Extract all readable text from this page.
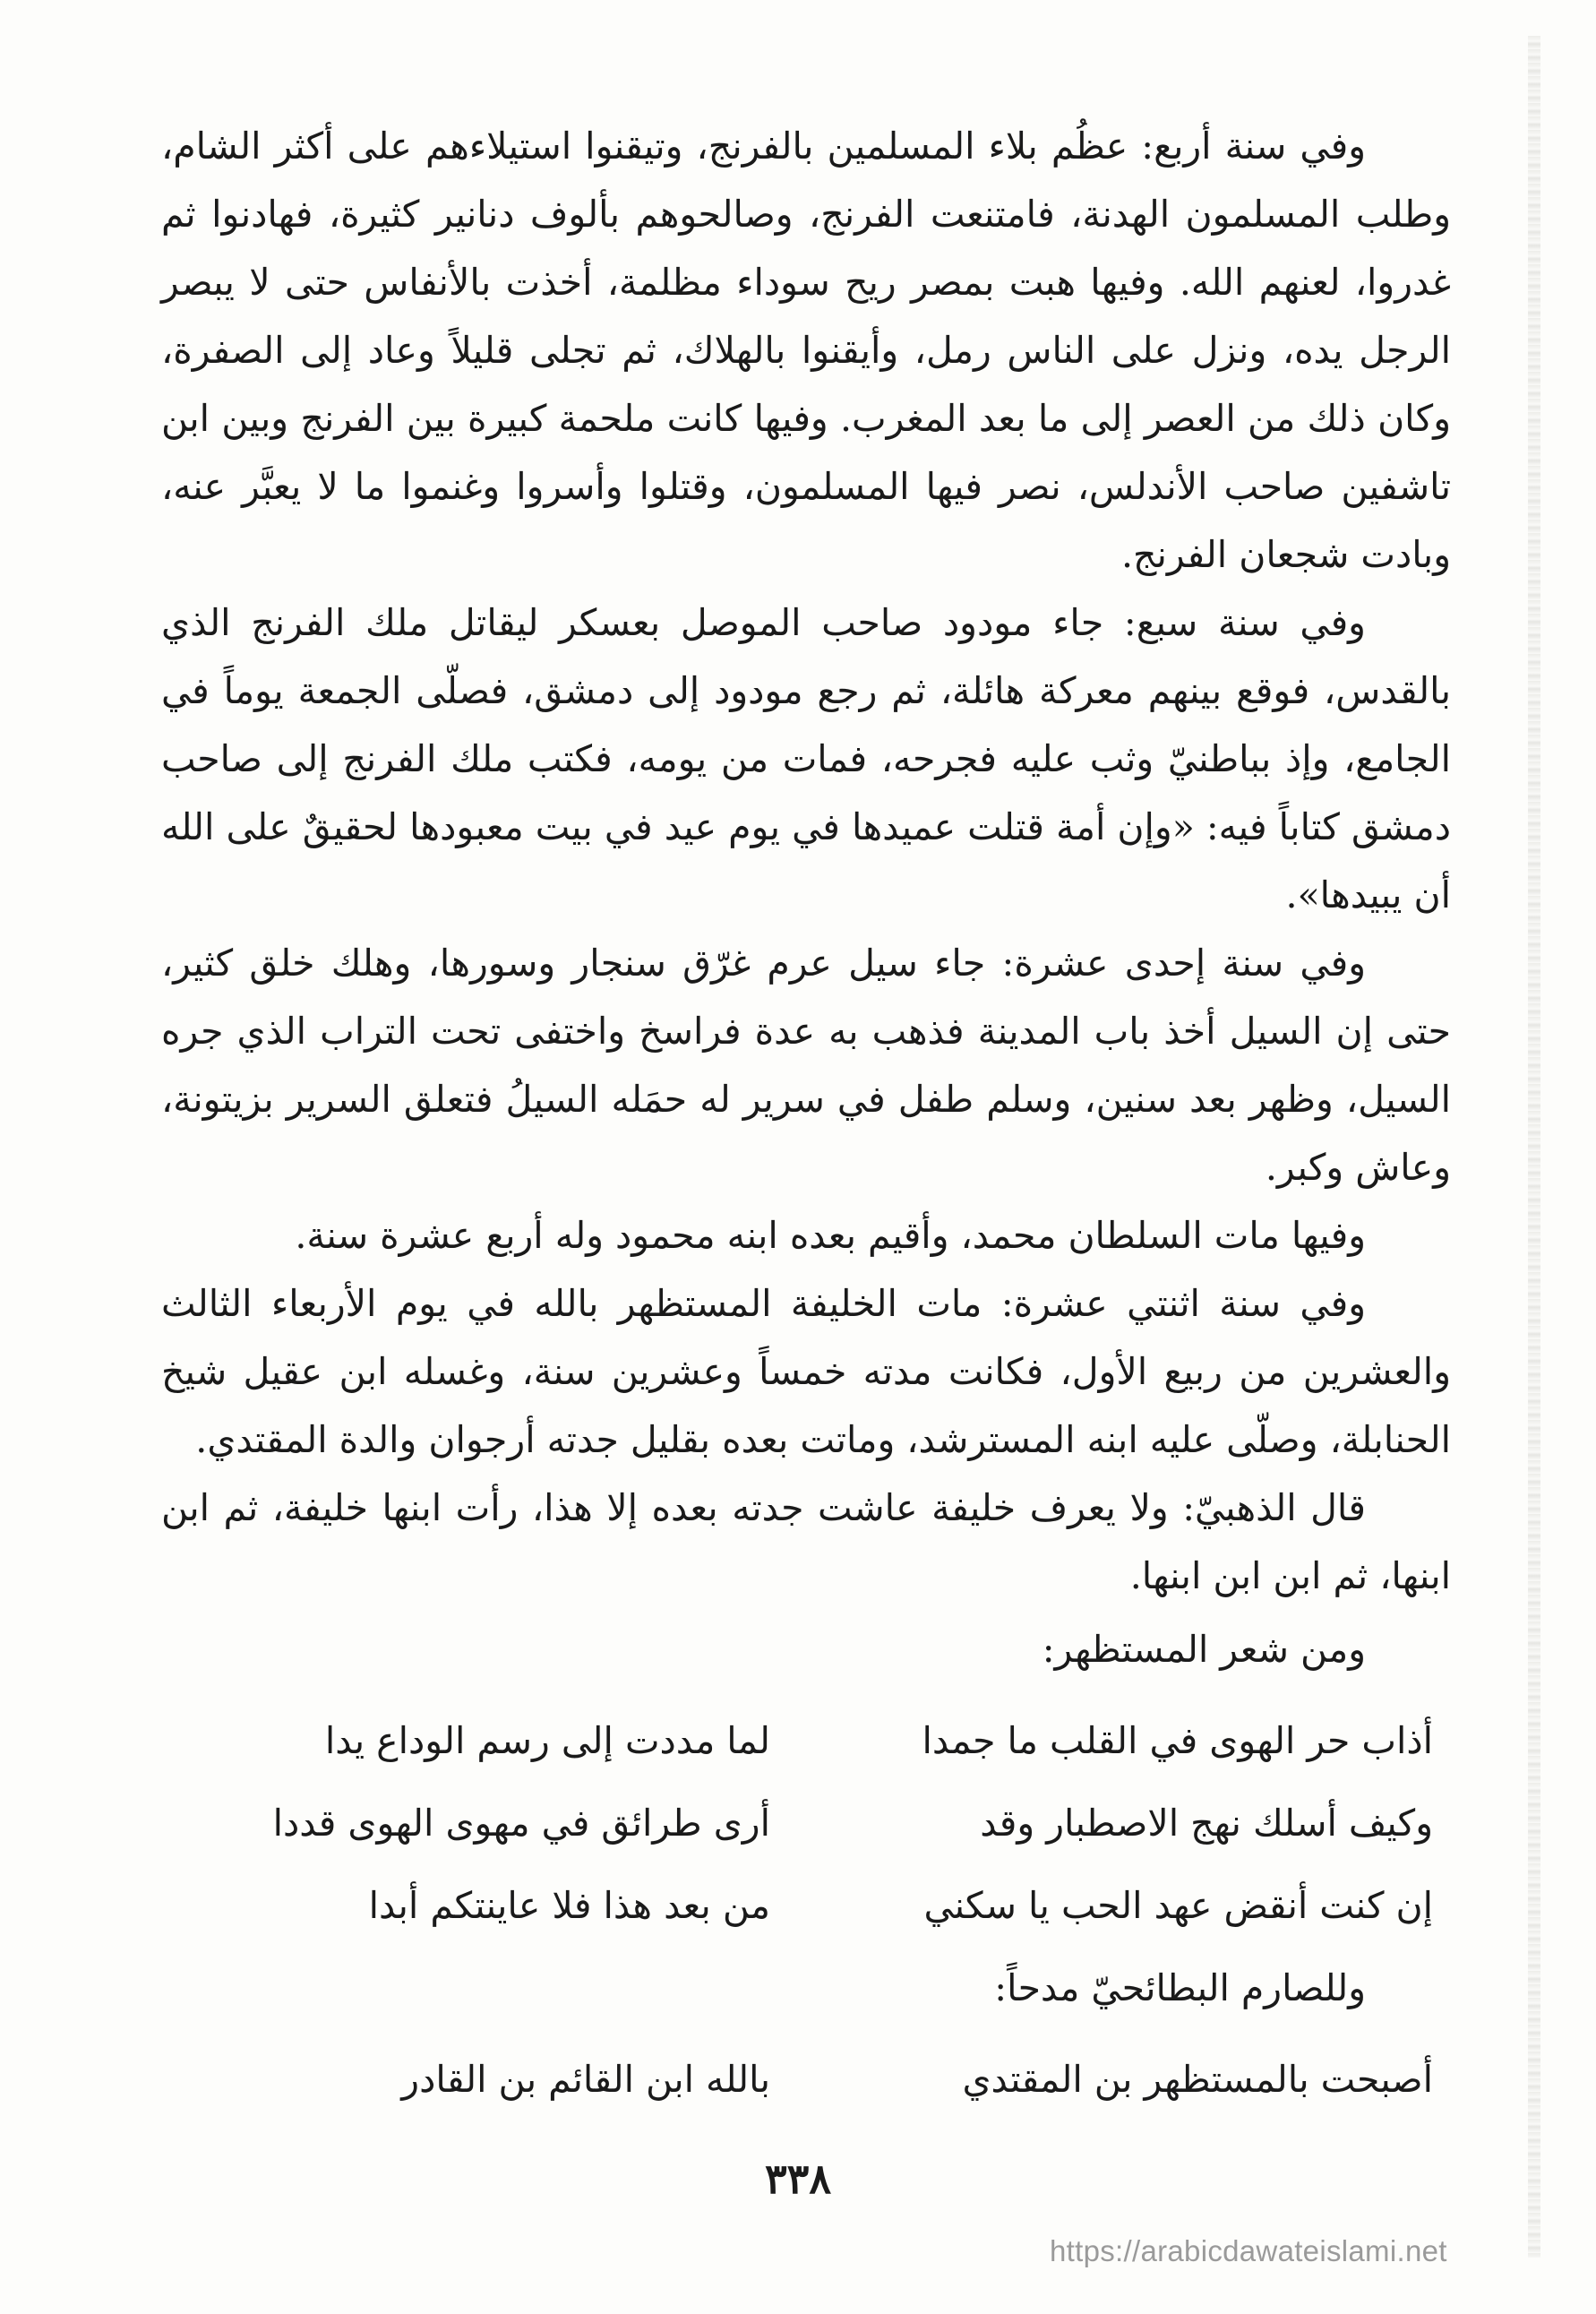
وفي سنة أربع: عظُم بلاء المسلمين بالفرنج، وتيقنوا استيلاءهم على أكثر الشام، وطلب المسلمون الهدنة، فامتنعت الفرنج، وصالحوهم بألوف دنانير كثيرة، فهادنوا ثم غدروا، لعنهم الله. وفيها هبت بمصر ريح سوداء مظلمة، أخذت بالأنفاس حتى لا يبصر الرجل يده، ونزل على الناس رمل، وأيقنوا بالهلاك، ثم تجلى قليلاً وعاد إلى الصفرة، وكان ذلك من العصر إلى ما بعد المغرب. وفيها كانت ملحمة كبيرة بين الفرنج وبين ابن تاشفين صاحب الأندلس، نصر فيها المسلمون، وقتلوا وأسروا وغنموا ما لا يعبَّر عنه، وبادت شجعان الفرنج.

وفي سنة سبع: جاء مودود صاحب الموصل بعسكر ليقاتل ملك الفرنج الذي بالقدس، فوقع بينهم معركة هائلة، ثم رجع مودود إلى دمشق، فصلّى الجمعة يوماً في الجامع، وإذ بباطنيّ وثب عليه فجرحه، فمات من يومه، فكتب ملك الفرنج إلى صاحب دمشق كتاباً فيه: «وإن أمة قتلت عميدها في يوم عيد في بيت معبودها لحقيقٌ على الله أن يبيدها».

وفي سنة إحدى عشرة: جاء سيل عرم غرّق سنجار وسورها، وهلك خلق كثير، حتى إن السيل أخذ باب المدينة فذهب به عدة فراسخ واختفى تحت التراب الذي جره السيل، وظهر بعد سنين، وسلم طفل في سرير له حمَله السيلُ فتعلق السرير بزيتونة، وعاش وكبر.

وفيها مات السلطان محمد، وأقيم بعده ابنه محمود وله أربع عشرة سنة.

وفي سنة اثنتي عشرة: مات الخليفة المستظهر بالله في يوم الأربعاء الثالث والعشرين من ربيع الأول، فكانت مدته خمساً وعشرين سنة، وغسله ابن عقيل شيخ الحنابلة، وصلّى عليه ابنه المسترشد، وماتت بعده بقليل جدته أرجوان والدة المقتدي.

قال الذهبيّ: ولا يعرف خليفة عاشت جدته بعده إلا هذا، رأت ابنها خليفة، ثم ابن ابنها، ثم ابن ابن ابنها.

ومن شعر المستظهر:

أذاب حر الهوى في القلب ما جمدا
لما مددت إلى رسم الوداع يدا
وكيف أسلك نهج الاصطبار وقد
أرى طرائق في مهوى الهوى قددا
إن كنت أنقض عهد الحب يا سكني
من بعد هذا فلا عاينتكم أبدا

وللصارم البطائحيّ مدحاً:

أصبحت بالمستظهر بن المقتدي
بالله ابن القائم بن القادر
٣٣٨
https://arabicdawateislami.net
